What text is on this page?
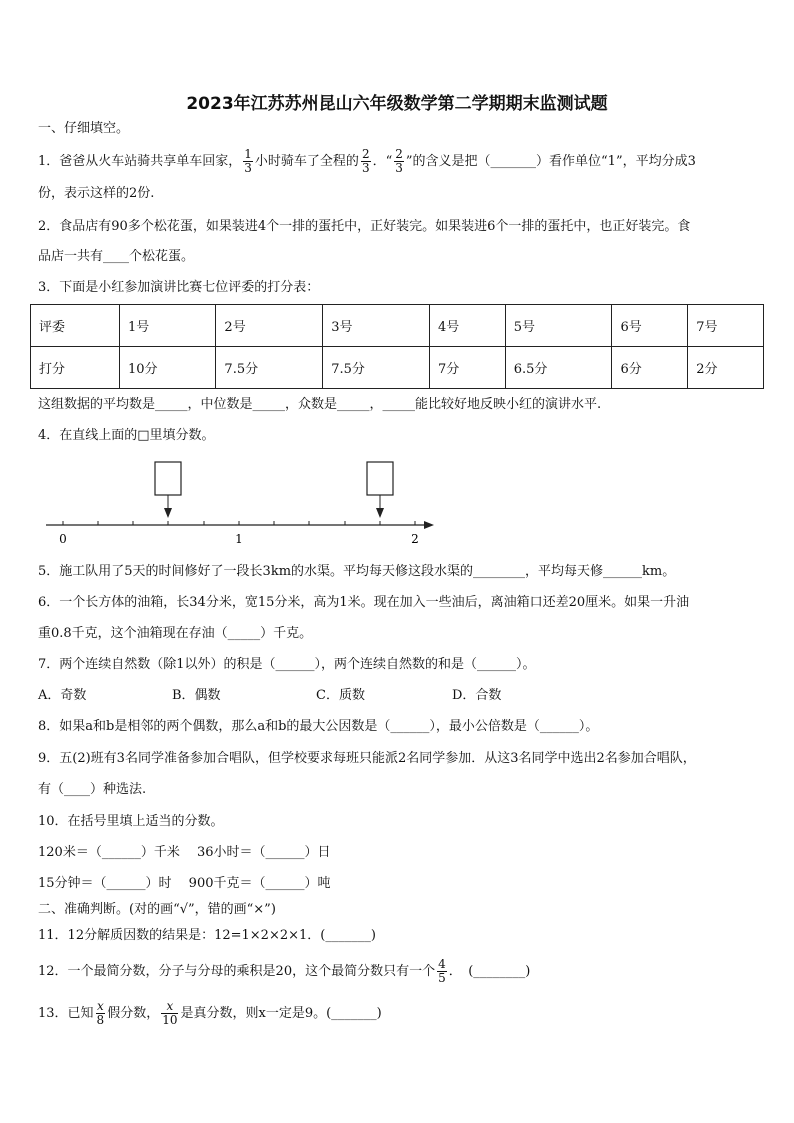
2023年江苏苏州昆山六年级数学第二学期期末监测试题
一、仔细填空。
1．爸爸从火车站骑共享单车回家， $\frac{1}{3}$ 小时骑车了全程的 $\frac{2}{3}$ ．“ $\frac{2}{3}$ ”的含义是把（_______）看作单位“1”，平均分成3
份，表示这样的2份.
2．食品店有90多个松花蛋，如果装进4个一排的蛋托中，正好装完。如果装进6个一排的蛋托中，也正好装完。食
品店一共有____个松花蛋。
3．下面是小红参加演讲比赛七位评委的打分表：
评委	1号	2号	3号	4号	5号	6号	7号
打分	10分	7.5分	7.5分	7分	6.5分	6分	2分
这组数据的平均数是_____，中位数是_____，众数是_____，_____能比较好地反映小红的演讲水平.
4．在直线上面的□里填分数。
0	1	2
5．施工队用了5天的时间修好了一段长3km的水渠。平均每天修这段水渠的________，平均每天修______km。
6．一个长方体的油箱，长34分米，宽15分米，高为1米。现在加入一些油后，离油箱口还差20厘米。如果一升油
重0.8千克，这个油箱现在存油（_____）千克。
7．两个连续自然数（除1以外）的积是（______），两个连续自然数的和是（______）。
A．奇数	B．偶数	C．质数	D．合数
8．如果a和b是相邻的两个偶数，那么a和b的最大公因数是（______），最小公倍数是（______）。
9．五(2)班有3名同学准备参加合唱队，但学校要求每班只能派2名同学参加．从这3名同学中选出2名参加合唱队，
有（____）种选法.
10．在括号里填上适当的分数。
120米＝（______）千米　 36小时＝（______）日
15分钟＝（______）时　 900千克＝（______）吨
二、准确判断。(对的画“√”，错的画“×”)
11．12分解质因数的结果是：12=1×2×2×1．(_______)
12．一个最简分数，分子与分母的乘积是20，这个最简分数只有一个 $\frac{4}{5}$ ．　(________)
13．已知 $\frac{x}{8}$ 假分数， $\frac{x}{10}$ 是真分数，则x一定是9。(_______)
